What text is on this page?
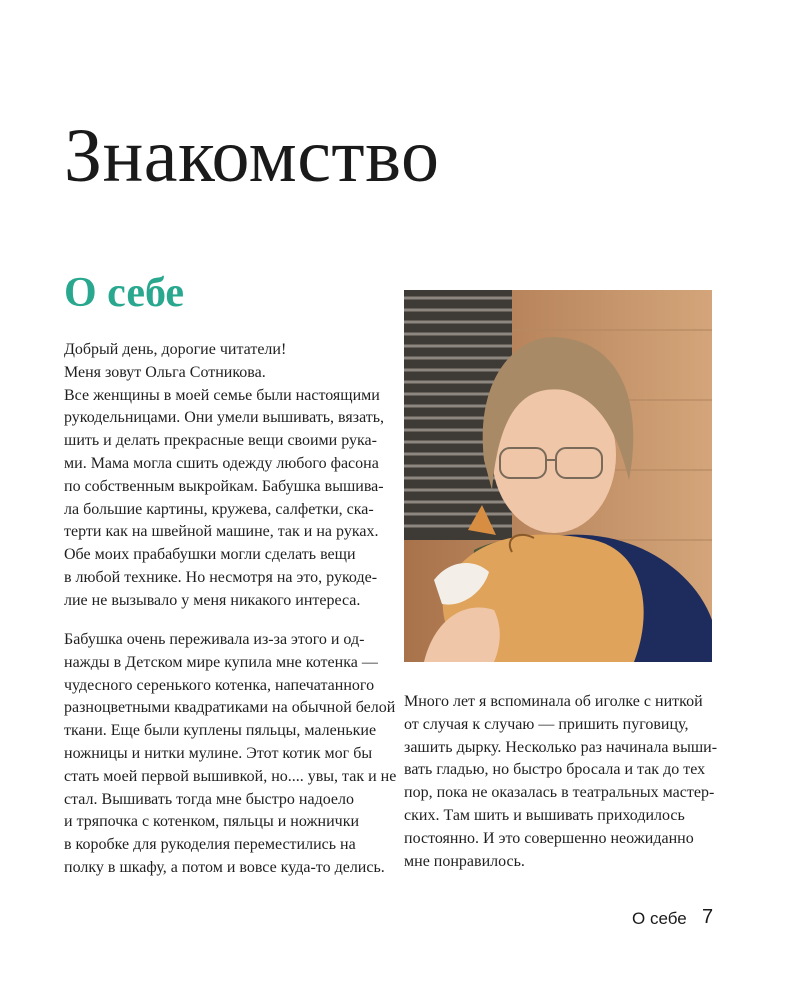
Знакомство
О себе
Добрый день, дорогие читатели!
Меня зовут Ольга Сотникова.
Все женщины в моей семье были настоящими
рукодельницами. Они умели вышивать, вязать,
шить и делать прекрасные вещи своими рука-
ми. Мама могла сшить одежду любого фасона
по собственным выкройкам. Бабушка вышива-
ла большие картины, кружева, салфетки, ска-
терти как на швейной машине, так и на руках.
Обе моих прабабушки могли сделать вещи
в любой технике. Но несмотря на это, рукоде-
лие не вызывало у меня никакого интереса.
Бабушка очень переживала из-за этого и од-
нажды в Детском мире купила мне котенка —
чудесного серенького котенка, напечатанного
разноцветными квадратиками на обычной белой
ткани. Еще были куплены пяльцы, маленькие
ножницы и нитки мулине. Этот котик мог бы
стать моей первой вышивкой, но.... увы, так и не
стал. Вышивать тогда мне быстро надоело
и тряпочка с котенком, пяльцы и ножнички
в коробке для рукоделия переместились на
полку в шкафу, а потом и вовсе куда-то делись.
Много лет я вспоминала об иголке с ниткой
от случая к случаю — пришить пуговицу,
зашить дырку. Несколько раз начинала выши-
вать гладью, но быстро бросала и так до тех
пор, пока не оказалась в театральных мастер-
ских. Там шить и вышивать приходилось
постоянно. И это совершенно неожиданно
мне понравилось.
О себе 7
